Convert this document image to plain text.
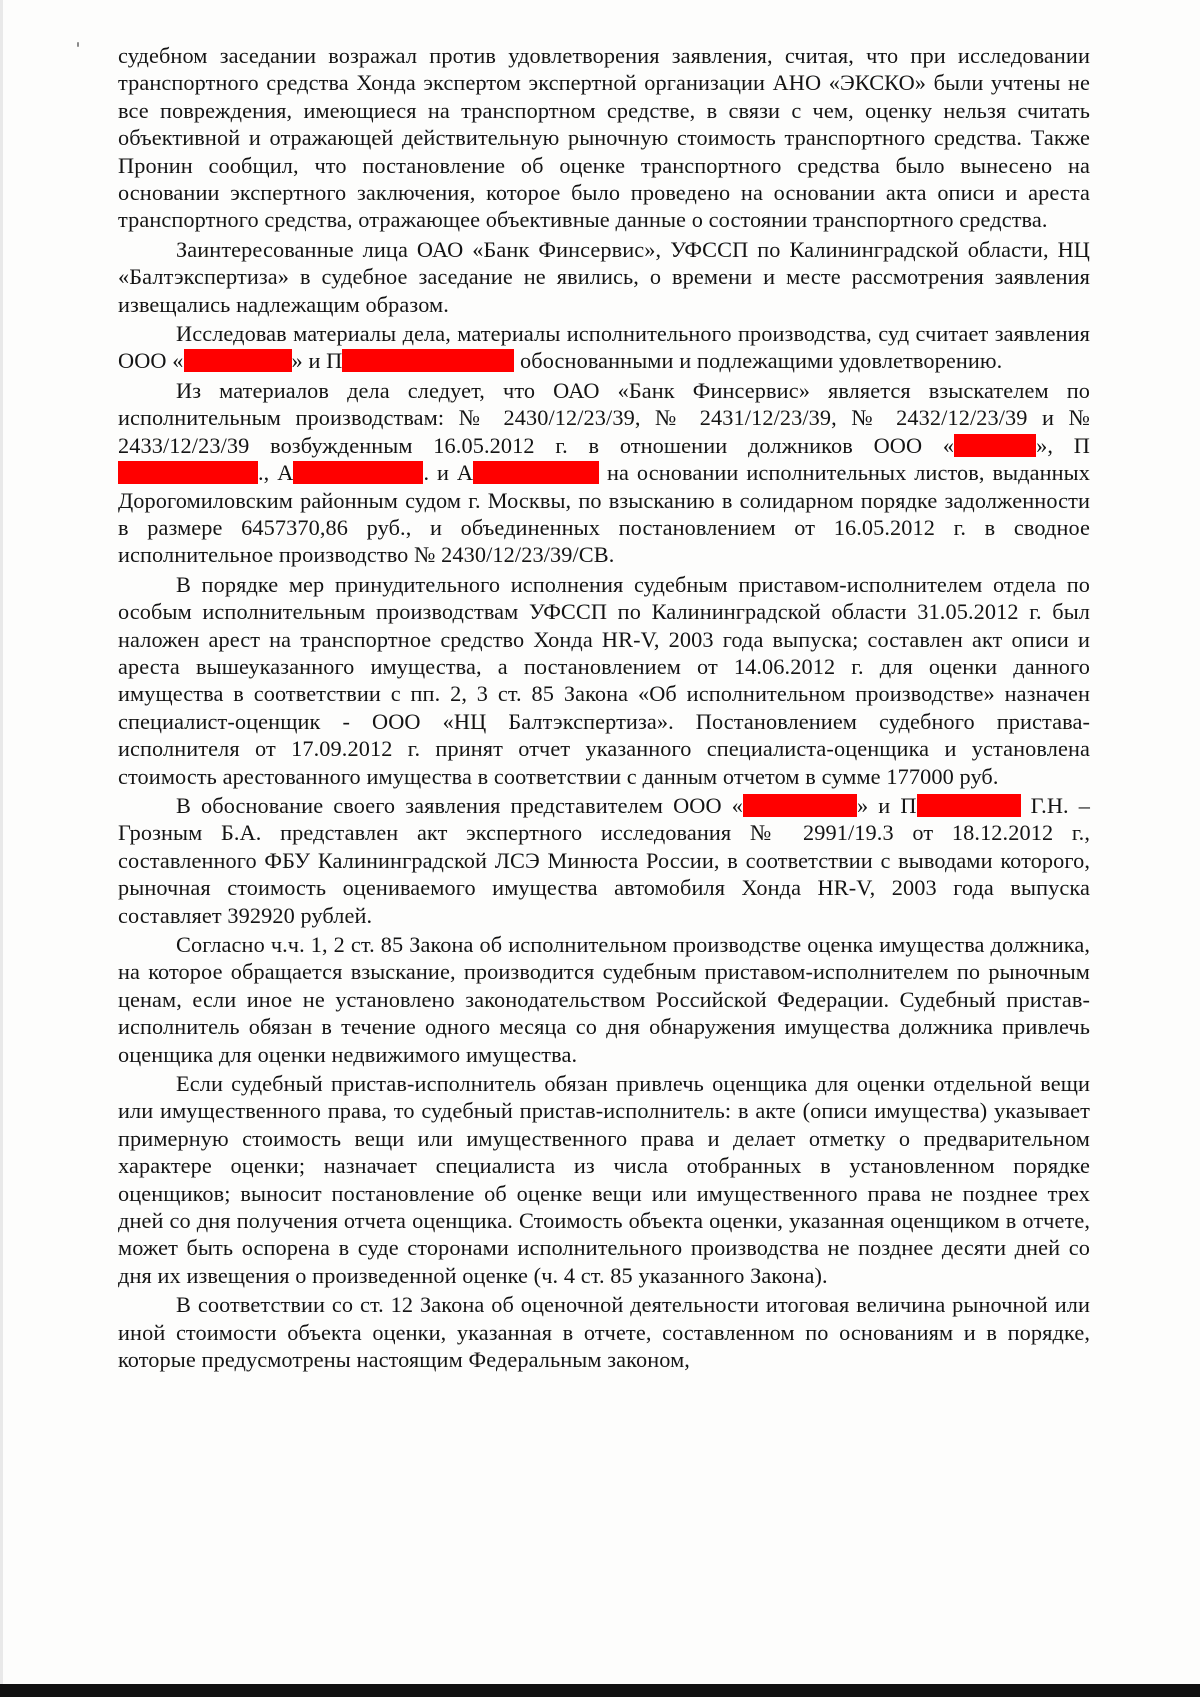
судебном заседании возражал против удовлетворения заявления, считая, что при исследовании транспортного средства Хонда экспертом экспертной организации АНО «ЭКСКО» были учтены не все повреждения, имеющиеся на транспортном средстве, в связи с чем, оценку нельзя считать объективной и отражающей действительную рыночную стоимость транспортного средства. Также Пронин сообщил, что постановление об оценке транспортного средства было вынесено на основании экспертного заключения, которое было проведено на основании акта описи и ареста транспортного средства, отражающее объективные данные о состоянии транспортного средства.

Заинтересованные лица ОАО «Банк Финсервис», УФССП по Калининградской области, НЦ «Балтэкспертиза» в судебное заседание не явились, о времени и месте рассмотрения заявления извещались надлежащим образом.

Исследовав материалы дела, материалы исполнительного производства, суд считает заявления ООО «	» и П	обоснованными и подлежащими удовлетворению.

Из материалов дела следует, что ОАО «Банк Финсервис» является взыскателем по исполнительным производствам: № 2430/12/23/39, № 2431/12/23/39, № 2432/12/23/39 и № 2433/12/23/39 возбужденным 16.05.2012 г. в отношении должников ООО «	», П., А	. и А	на основании исполнительных листов, выданных Дорогомиловским районным судом г. Москвы, по взысканию в солидарном порядке задолженности в размере 6457370,86 руб., и объединенных постановлением от 16.05.2012 г. в сводное исполнительное производство № 2430/12/23/39/СВ.

В порядке мер принудительного исполнения судебным приставом-исполнителем отдела по особым исполнительным производствам УФССП по Калининградской области 31.05.2012 г. был наложен арест на транспортное средство Хонда HR-V, 2003 года выпуска; составлен акт описи и ареста вышеуказанного имущества, а постановлением от 14.06.2012 г. для оценки данного имущества в соответствии с пп. 2, 3 ст. 85 Закона «Об исполнительном производстве» назначен специалист-оценщик - ООО «НЦ Балтэкспертиза». Постановлением судебного пристава-исполнителя от 17.09.2012 г. принят отчет указанного специалиста-оценщика и установлена стоимость арестованного имущества в соответствии с данным отчетом в сумме 177000 руб.

В обоснование своего заявления представителем ООО «	» и П	Г.Н. – Грозным Б.А. представлен акт экспертного исследования № 2991/19.3 от 18.12.2012 г., составленного ФБУ Калининградской ЛСЭ Минюста России, в соответствии с выводами которого, рыночная стоимость оцениваемого имущества автомобиля Хонда HR-V, 2003 года выпуска составляет 392920 рублей.

Согласно ч.ч. 1, 2 ст. 85 Закона об исполнительном производстве оценка имущества должника, на которое обращается взыскание, производится судебным приставом-исполнителем по рыночным ценам, если иное не установлено законодательством Российской Федерации. Судебный пристав-исполнитель обязан в течение одного месяца со дня обнаружения имущества должника привлечь оценщика для оценки недвижимого имущества.

Если судебный пристав-исполнитель обязан привлечь оценщика для оценки отдельной вещи или имущественного права, то судебный пристав-исполнитель: в акте (описи имущества) указывает примерную стоимость вещи или имущественного права и делает отметку о предварительном характере оценки; назначает специалиста из числа отобранных в установленном порядке оценщиков; выносит постановление об оценке вещи или имущественного права не позднее трех дней со дня получения отчета оценщика. Стоимость объекта оценки, указанная оценщиком в отчете, может быть оспорена в суде сторонами исполнительного производства не позднее десяти дней со дня их извещения о произведенной оценке (ч. 4 ст. 85 указанного Закона).

В соответствии со ст. 12 Закона об оценочной деятельности итоговая величина рыночной или иной стоимости объекта оценки, указанная в отчете, составленном по основаниям и в порядке, которые предусмотрены настоящим Федеральным законом,
